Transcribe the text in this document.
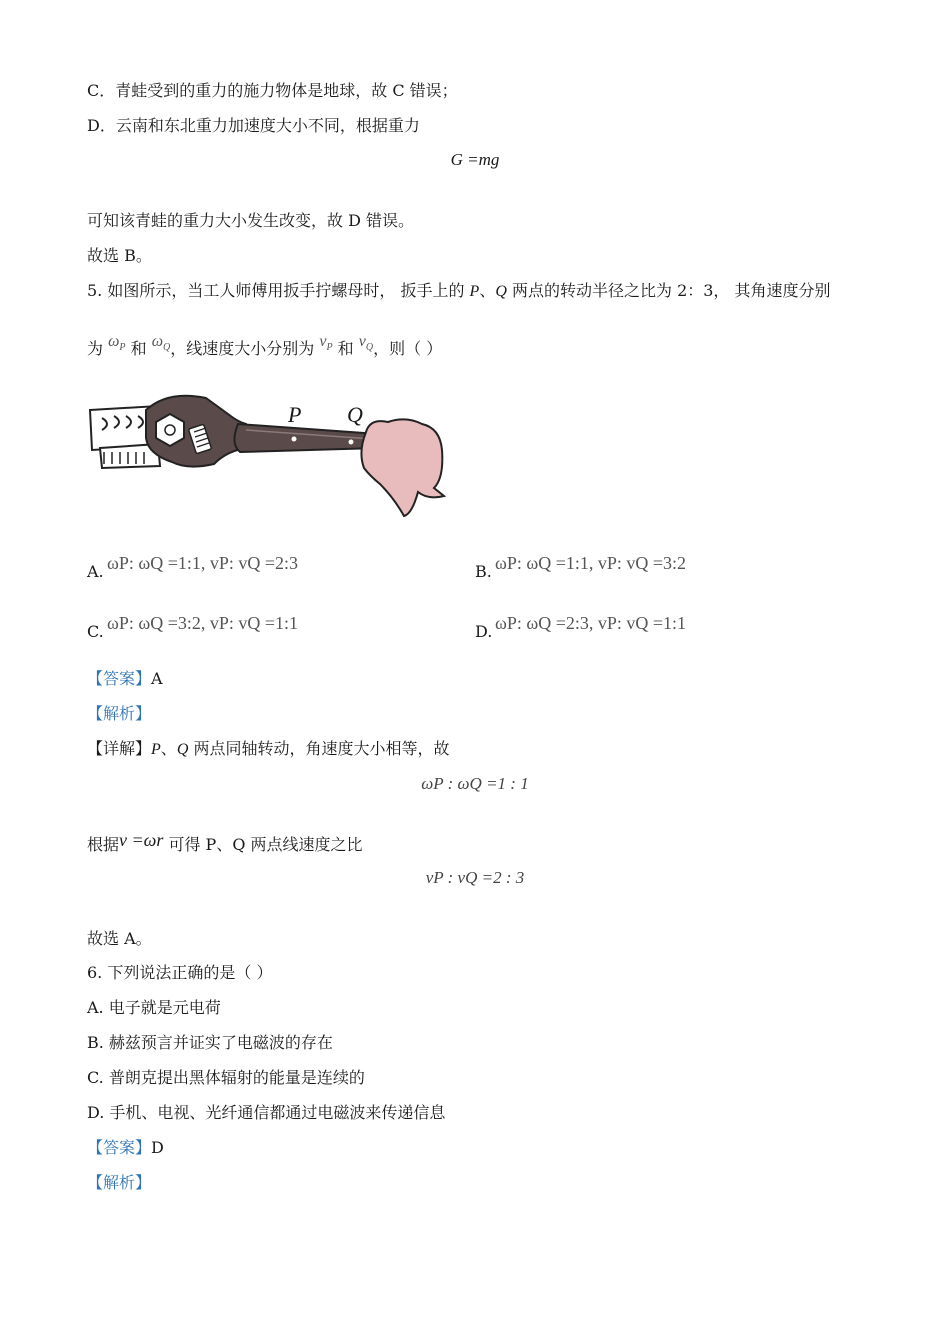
C．青蛙受到的重力的施力物体是地球，故 C 错误；
D．云南和东北重力加速度大小不同，根据重力
G =mg
可知该青蛙的重力大小发生改变，故 D 错误。
故选 B。
5. 如图所示，当工人师傅用扳手拧螺母时， 扳手上的 P、Q 两点的转动半径之比为 2：3， 其角速度分别
为 $\omega_P$ 和 $\omega_Q$，线速度大小分别为 $v_P$ 和 $v_Q$，则（ ）
P Q
A. ωP: ωQ =1:1, vP: vQ =2:3	B. ωP: ωQ =1:1, vP: vQ =3:2
C. ωP: ωQ =3:2, vP: vQ =1:1	D. ωP: ωQ =2:3, vP: vQ =1:1
【答案】A
【解析】
【详解】P、Q 两点同轴转动，角速度大小相等，故
ωP : ωQ =1 : 1
根据v =ωr 可得 P、Q 两点线速度之比
vP : vQ =2 : 3
故选 A。
6. 下列说法正确的是（ ）
A. 电子就是元电荷
B. 赫兹预言并证实了电磁波的存在
C. 普朗克提出黑体辐射的能量是连续的
D. 手机、电视、光纤通信都通过电磁波来传递信息
【答案】D
【解析】
